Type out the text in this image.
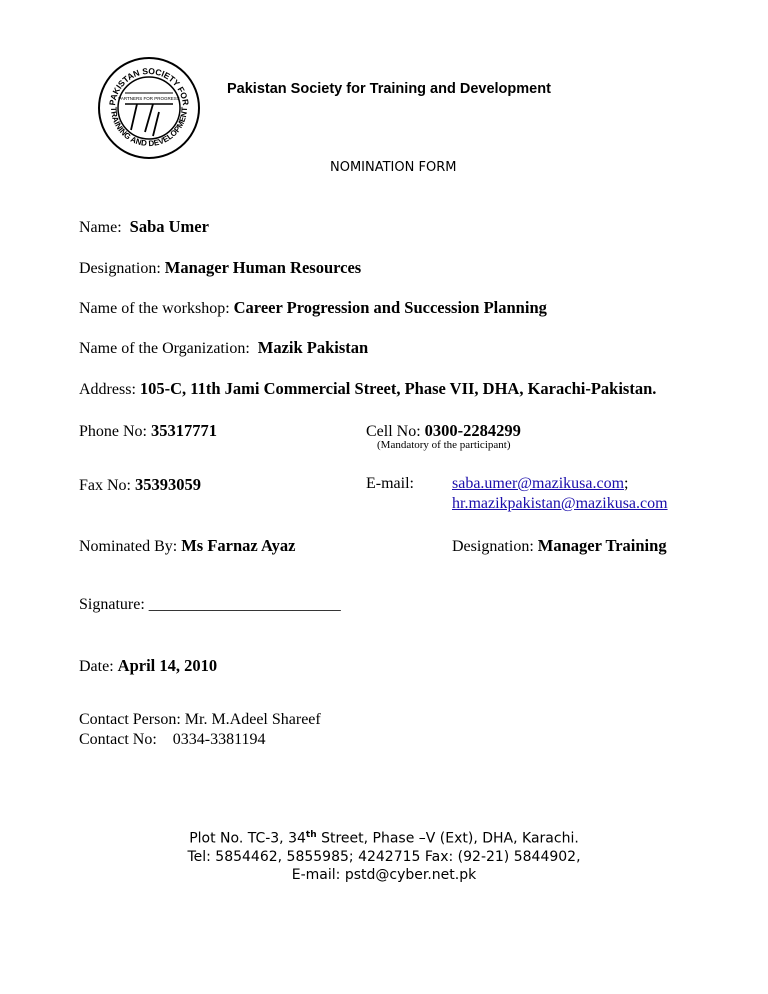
PAKISTAN SOCIETY FOR
TRAINING AND DEVELOPMENT
PARTNERS FOR PROGRESS
Pakistan Society for Training and Development
NOMINATION FORM
Name: Saba Umer
Designation: Manager Human Resources
Name of the workshop: Career Progression and Succession Planning
Name of the Organization: Mazik Pakistan
Address: 105-C, 11th Jami Commercial Street, Phase VII, DHA, Karachi-Pakistan.
Phone No: 35317771	Cell No: 0300-2284299
(Mandatory of the participant)
Fax No: 35393059	E-mail: saba.umer@mazikusa.com;
hr.mazikpakistan@mazikusa.com
Nominated By: Ms Farnaz Ayaz	Designation: Manager Training
Signature: ________________________
Date: April 14, 2010
Contact Person: Mr. M.Adeel Shareef
Contact No: 0334-3381194
Plot No. TC-3, 34th Street, Phase –V (Ext), DHA, Karachi.
Tel: 5854462, 5855985; 4242715 Fax: (92-21) 5844902,
E-mail: pstd@cyber.net.pk
